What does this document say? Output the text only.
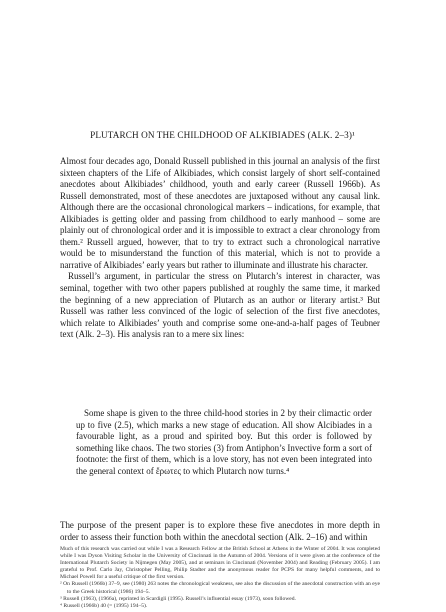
PLUTARCH ON THE CHILDHOOD OF ALKIBIADES (ALK. 2–3)¹

Almost four decades ago, Donald Russell published in this journal an analysis of the first sixteen chapters of the Life of Alkibiades, which consist largely of short self-contained anecdotes about Alkibiades’ childhood, youth and early career (Russell 1966b). As Russell demonstrated, most of these anecdotes are juxtaposed without any causal link. Although there are the occasional chronological markers – indications, for example, that Alkibiades is getting older and passing from childhood to early manhood – some are plainly out of chronological order and it is impossible to extract a clear chronology from them.² Russell argued, however, that to try to extract such a chronological narrative would be to misunderstand the function of this material, which is not to provide a narrative of Alkibiades’ early years but rather to illuminate and illustrate his character.

Russell’s argument, in particular the stress on Plutarch’s interest in character, was seminal, together with two other papers published at roughly the same time, it marked the beginning of a new appreciation of Plutarch as an author or literary artist.³ But Russell was rather less convinced of the logic of selection of the first five anecdotes, which relate to Alkibiades’ youth and comprise some one-and-a-half pages of Teubner text (Alk. 2–3). His analysis ran to a mere six lines:

Some shape is given to the three child-hood stories in 2 by their climactic order up to five (2.5), which marks a new stage of education. All show Alcibiades in a favourable light, as a proud and spirited boy. But this order is followed by something like chaos. The two stories (3) from Antiphon’s Invective form a sort of footnote: the first of them, which is a love story, has not even been integrated into the general context of ἔρωτες to which Plutarch now turns.⁴

The purpose of the present paper is to explore these five anecdotes in more depth in order to assess their function both within the anecdotal section (Alk. 2–16) and within

Much of this research was carried out while I was a Research Fellow at the British School at Athens in the Winter of 2004. It was completed while I was Dyson Visiting Scholar in the University of Cincinnati in the Autumn of 2004. Versions of it were given at the conference of the International Plutarch Society in Nijmegen (May 2005), and at seminars in Cincinnati (November 2004) and Reading (February 2005). I am grateful to Prof. Carlo Jay, Christopher Pelling, Philip Stadter and the anonymous reader for PCPS for many helpful comments, and to Michael Powell for a useful critique of the first version.

² On Russell (1966b) 37–9, see (1980) 263 notes the chronological weakness, see also the discussion of the anecdotal construction with an eye to the Greek historical (1986) 194–5.

³ Russell (1963), (1966a), reprinted in Scardigli (1995). Russell’s influential essay (1973), soon followed.

⁴ Russell (1966b) 40 (= (1995) 194–5).
